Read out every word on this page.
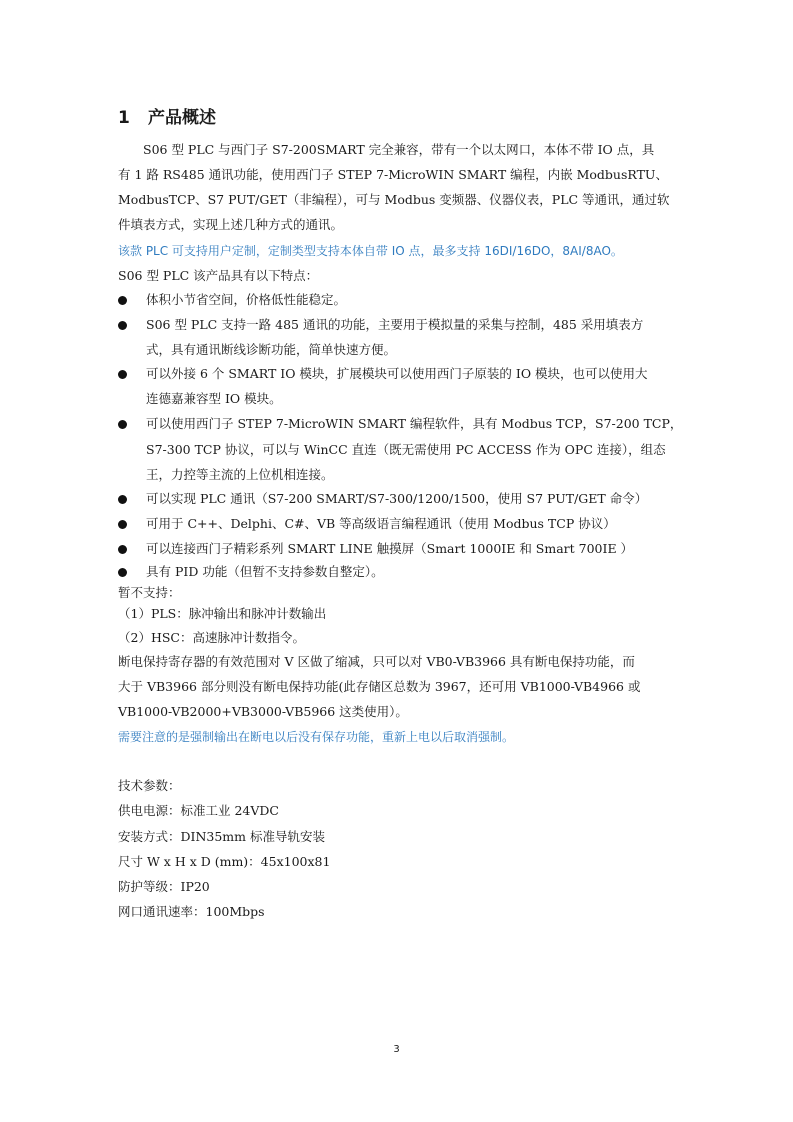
1 产品概述
　　S06 型 PLC 与西门子 S7-200SMART 完全兼容，带有一个以太网口，本体不带 IO 点，具
有 1 路 RS485 通讯功能，使用西门子 STEP 7-MicroWIN SMART 编程，内嵌 ModbusRTU、
ModbusTCP、S7 PUT/GET（非编程），可与 Modbus 变频器、仪器仪表，PLC 等通讯，通过软
件填表方式，实现上述几种方式的通讯。
该款 PLC 可支持用户定制，定制类型支持本体自带 IO 点，最多支持 16DI/16DO，8AI/8AO。
S06 型 PLC 该产品具有以下特点：
体积小节省空间，价格低性能稳定。
S06 型 PLC 支持一路 485 通讯的功能，主要用于模拟量的采集与控制，485 采用填表方
式，具有通讯断线诊断功能，简单快速方便。
可以外接 6 个 SMART IO 模块，扩展模块可以使用西门子原装的 IO 模块，也可以使用大
连德嘉兼容型 IO 模块。
可以使用西门子 STEP 7-MicroWIN SMART 编程软件，具有 Modbus TCP，S7-200 TCP，
S7-300 TCP 协议，可以与 WinCC 直连（既无需使用 PC ACCESS 作为 OPC 连接），组态
王，力控等主流的上位机相连接。
可以实现 PLC 通讯（S7-200 SMART/S7-300/1200/1500，使用 S7 PUT/GET 命令）
可用于 C++、Delphi、C#、VB 等高级语言编程通讯（使用 Modbus TCP 协议）
可以连接西门子精彩系列 SMART LINE 触摸屏（Smart 1000IE 和 Smart 700IE ）
具有 PID 功能（但暂不支持参数自整定）。
暂不支持：
（1）PLS：脉冲输出和脉冲计数输出
（2）HSC：高速脉冲计数指令。
断电保持寄存器的有效范围对 V 区做了缩减，只可以对 VB0-VB3966 具有断电保持功能，而
大于 VB3966 部分则没有断电保持功能(此存储区总数为 3967，还可用 VB1000-VB4966 或
VB1000-VB2000+VB3000-VB5966 这类使用）。
需要注意的是强制输出在断电以后没有保存功能，重新上电以后取消强制。
技术参数：
供电电源：标准工业 24VDC
安装方式：DIN35mm 标准导轨安装
尺寸 W x H x D (mm)：45x100x81
防护等级：IP20
网口通讯速率：100Mbps
3
